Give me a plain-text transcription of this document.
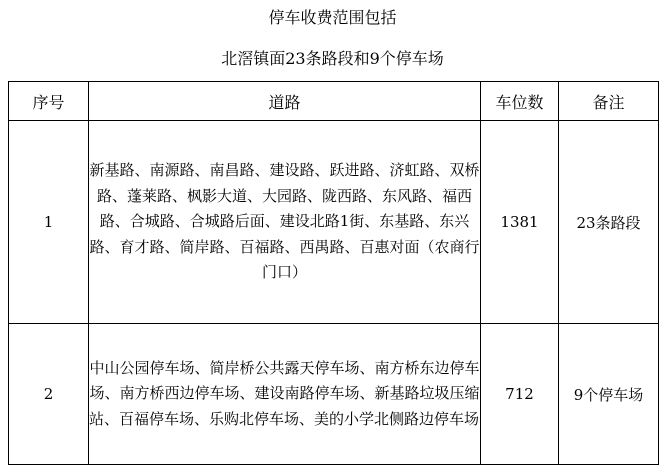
停车收费范围包括
北滘镇面23条路段和9个停车场
序号	道路	车位数	备注
1	新基路、南源路、南昌路、建设路、跃进路、济虹路、双桥路、蓬莱路、枫影大道、大园路、陇西路、东风路、福西路、合城路、合城路后面、建设北路1街、东基路、东兴路、育才路、简岸路、百福路、西禺路、百惠对面（农商行门口）	1381	23条路段
2	中山公园停车场、简岸桥公共露天停车场、南方桥东边停车场、南方桥西边停车场、建设南路停车场、新基路垃圾压缩站、百福停车场、乐购北停车场、美的小学北侧路边停车场	712	9个停车场
